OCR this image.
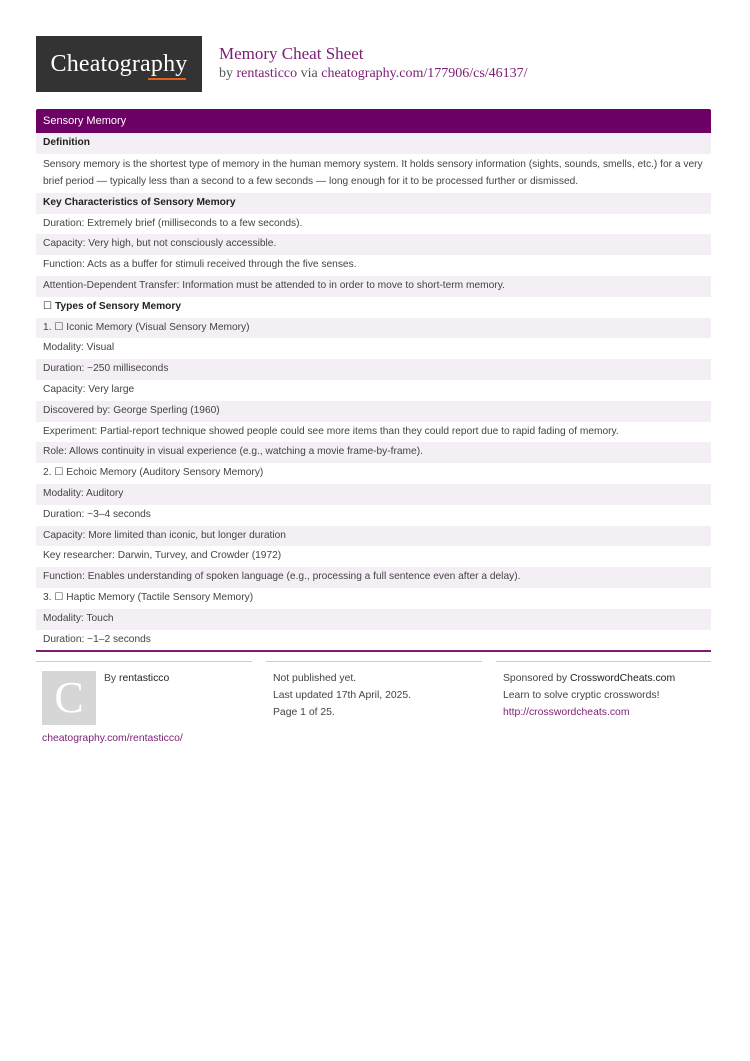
Cheatography	Memory Cheat Sheet
by rentasticco via cheatography.com/177906/cs/46137/
Sensory Memory
Definition
Sensory memory is the shortest type of memory in the human memory system. It holds sensory information (sights, sounds, smells, etc.) for a very brief period — typically less than a second to a few seconds — long enough for it to be processed further or dismissed.
Key Characteristics of Sensory Memory
Duration: Extremely brief (milliseconds to a few seconds).
Capacity: Very high, but not consciously accessible.
Function: Acts as a buffer for stimuli received through the five senses.
Attention-Dependent Transfer: Information must be attended to in order to move to short-term memory.
☐ Types of Sensory Memory
1. ☐ Iconic Memory (Visual Sensory Memory)
Modality: Visual
Duration: ~250 milliseconds
Capacity: Very large
Discovered by: George Sperling (1960)
Experiment: Partial-report technique showed people could see more items than they could report due to rapid fading of memory.
Role: Allows continuity in visual experience (e.g., watching a movie frame-by-frame).
2. ☐ Echoic Memory (Auditory Sensory Memory)
Modality: Auditory
Duration: ~3–4 seconds
Capacity: More limited than iconic, but longer duration
Key researcher: Darwin, Turvey, and Crowder (1972)
Function: Enables understanding of spoken language (e.g., processing a full sentence even after a delay).
3. ☐ Haptic Memory (Tactile Sensory Memory)
Modality: Touch
Duration: ~1–2 seconds
C	By rentasticco
cheatography.com/rentasticco/
Not published yet.
Last updated 17th April, 2025.
Page 1 of 25.
Sponsored by CrosswordCheats.com
Learn to solve cryptic crosswords!
http://crosswordcheats.com
